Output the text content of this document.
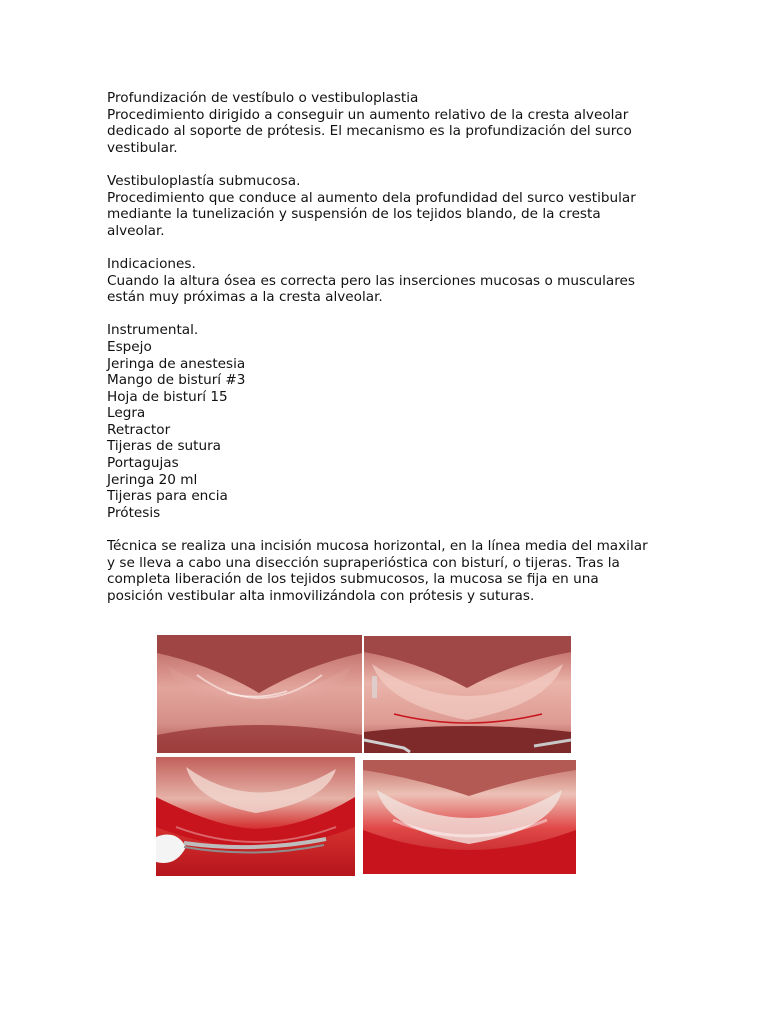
Profundización de vestíbulo o vestibuloplastia
Procedimiento dirigido a conseguir un aumento relativo de la cresta alveolar
dedicado al soporte de prótesis. El mecanismo es la profundización del surco
vestibular.

Vestibuloplastía submucosa.
Procedimiento que conduce al aumento dela profundidad del surco vestibular
mediante la tunelización y suspensión de los tejidos blando, de la cresta
alveolar.

Indicaciones.
Cuando la altura ósea es correcta pero las inserciones mucosas o musculares
están muy próximas a la cresta alveolar.

Instrumental.
Espejo
Jeringa de anestesia
Mango de bisturí #3
Hoja de bisturí 15
Legra
Retractor
Tijeras de sutura
Portagujas
Jeringa 20 ml
Tijeras para encia
Prótesis

Técnica se realiza una incisión mucosa horizontal, en la línea media del maxilar
y se lleva a cabo una disección supraperióstica con bisturí, o tijeras. Tras la
completa liberación de los tejidos submucosos, la mucosa se fija en una
posición vestibular alta inmovilizándola con prótesis y suturas.
